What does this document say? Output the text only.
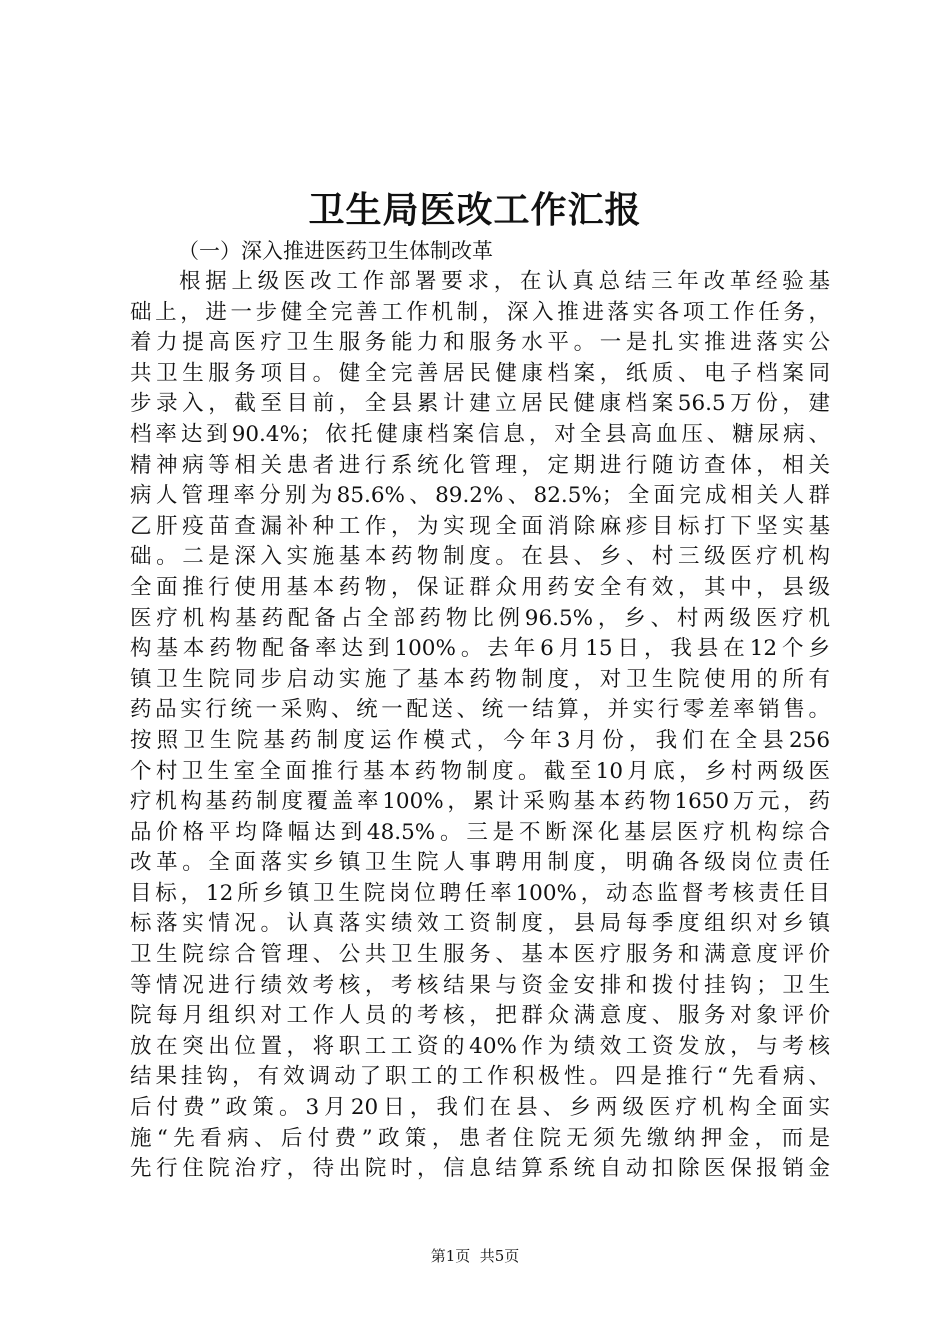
卫生局医改工作汇报
（一）深入推进医药卫生体制改革
根据上级医改工作部署要求，在认真总结三年改革经验基
础上，进一步健全完善工作机制，深入推进落实各项工作任务，
着力提高医疗卫生服务能力和服务水平。一是扎实推进落实公
共卫生服务项目。健全完善居民健康档案，纸质、电子档案同
步录入，截至目前，全县累计建立居民健康档案56.5万份，建
档率达到90.4%；依托健康档案信息，对全县高血压、糖尿病、
精神病等相关患者进行系统化管理，定期进行随访查体，相关
病人管理率分别为85.6%、89.2%、82.5%；全面完成相关人群
乙肝疫苗查漏补种工作，为实现全面消除麻疹目标打下坚实基
础。二是深入实施基本药物制度。在县、乡、村三级医疗机构
全面推行使用基本药物，保证群众用药安全有效，其中，县级
医疗机构基药配备占全部药物比例96.5%，乡、村两级医疗机
构基本药物配备率达到100%。去年6月15日，我县在12个乡
镇卫生院同步启动实施了基本药物制度，对卫生院使用的所有
药品实行统一采购、统一配送、统一结算，并实行零差率销售。
按照卫生院基药制度运作模式，今年3月份，我们在全县256
个村卫生室全面推行基本药物制度。截至10月底，乡村两级医
疗机构基药制度覆盖率100%，累计采购基本药物1650万元，药
品价格平均降幅达到48.5%。三是不断深化基层医疗机构综合
改革。全面落实乡镇卫生院人事聘用制度，明确各级岗位责任
目标，12所乡镇卫生院岗位聘任率100%，动态监督考核责任目
标落实情况。认真落实绩效工资制度，县局每季度组织对乡镇
卫生院综合管理、公共卫生服务、基本医疗服务和满意度评价
等情况进行绩效考核，考核结果与资金安排和拨付挂钩；卫生
院每月组织对工作人员的考核，把群众满意度、服务对象评价
放在突出位置，将职工工资的40%作为绩效工资发放，与考核
结果挂钩，有效调动了职工的工作积极性。四是推行“先看病、
后付费”政策。3月20日，我们在县、乡两级医疗机构全面实
施“先看病、后付费”政策，患者住院无须先缴纳押金，而是
先行住院治疗，待出院时，信息结算系统自动扣除医保报销金
第1页  共5页
